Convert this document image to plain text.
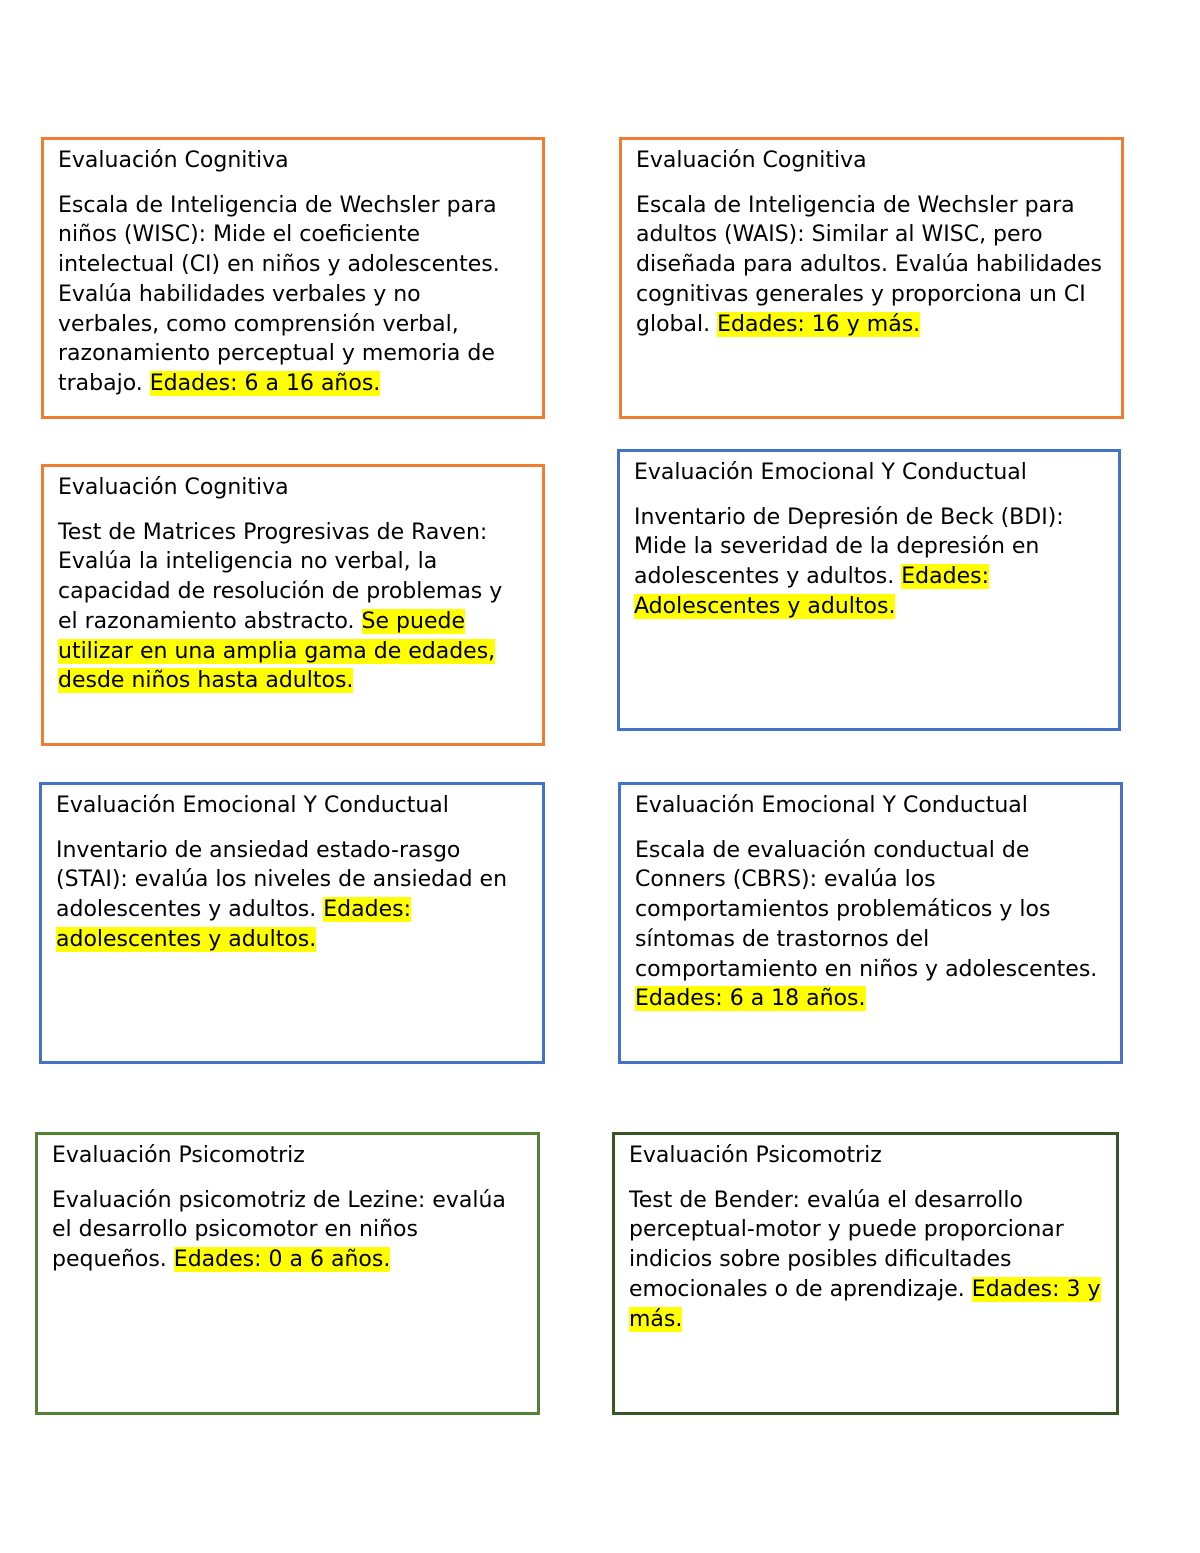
Evaluación Cognitiva

Escala de Inteligencia de Wechsler para niños (WISC): Mide el coeficiente intelectual (CI) en niños y adolescentes. Evalúa habilidades verbales y no verbales, como comprensión verbal, razonamiento perceptual y memoria de trabajo. Edades: 6 a 16 años.

Evaluación Cognitiva

Escala de Inteligencia de Wechsler para adultos (WAIS): Similar al WISC, pero diseñada para adultos. Evalúa habilidades cognitivas generales y proporciona un CI global. Edades: 16 y más.

Evaluación Cognitiva

Test de Matrices Progresivas de Raven: Evalúa la inteligencia no verbal, la capacidad de resolución de problemas y el razonamiento abstracto. Se puede utilizar en una amplia gama de edades, desde niños hasta adultos.

Evaluación Emocional Y Conductual

Inventario de Depresión de Beck (BDI): Mide la severidad de la depresión en adolescentes y adultos. Edades: Adolescentes y adultos.

Evaluación Emocional Y Conductual

Inventario de ansiedad estado-rasgo (STAI): evalúa los niveles de ansiedad en adolescentes y adultos. Edades: adolescentes y adultos.

Evaluación Emocional Y Conductual

Escala de evaluación conductual de Conners (CBRS): evalúa los comportamientos problemáticos y los síntomas de trastornos del comportamiento en niños y adolescentes. Edades: 6 a 18 años.

Evaluación Psicomotriz

Evaluación psicomotriz de Lezine: evalúa el desarrollo psicomotor en niños pequeños. Edades: 0 a 6 años.

Evaluación Psicomotriz

Test de Bender: evalúa el desarrollo perceptual-motor y puede proporcionar indicios sobre posibles dificultades emocionales o de aprendizaje. Edades: 3 y más.
